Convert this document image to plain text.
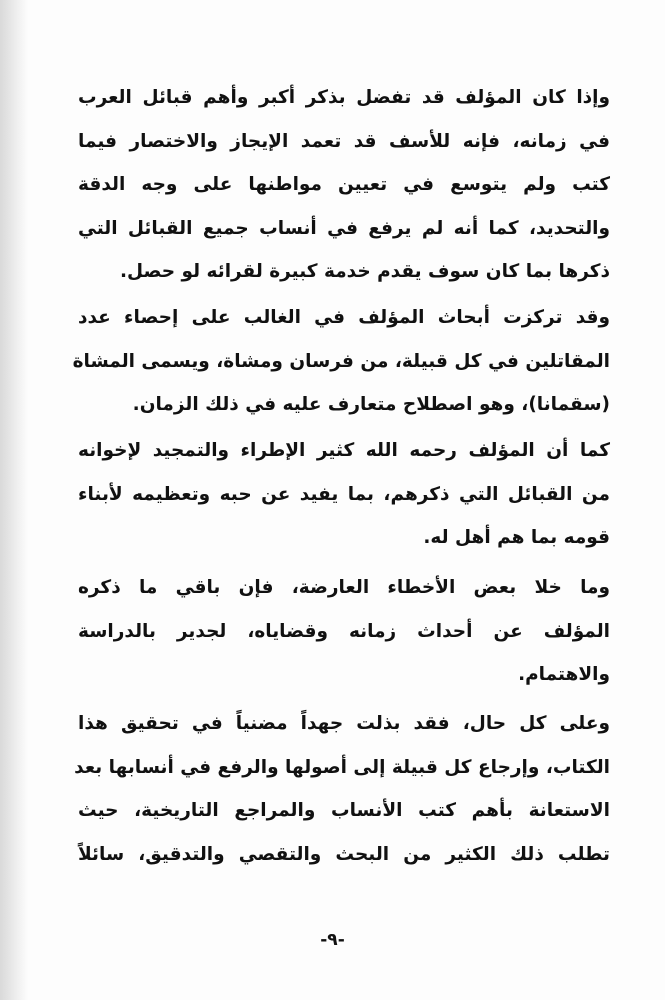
وإذا كان المؤلف قد تفضل بذكر أكبر وأهم قبائل العرب
في زمانه، فإنه للأسف قد تعمد الإيجاز والاختصار فيما
كتب ولم يتوسع في تعيين مواطنها على وجه الدقة
والتحديد، كما أنه لم يرفع في أنساب جميع القبائل التي
ذكرها بما كان سوف يقدم خدمة كبيرة لقرائه لو حصل.
وقد تركزت أبحاث المؤلف في الغالب على إحصاء عدد
المقاتلين في كل قبيلة، من فرسان ومشاة، ويسمى المشاة
(سقمانا)، وهو اصطلاح متعارف عليه في ذلك الزمان.
كما أن المؤلف رحمه الله كثير الإطراء والتمجيد لإخوانه
من القبائل التي ذكرهم، بما يفيد عن حبه وتعظيمه لأبناء
قومه بما هم أهل له.
وما خلا بعض الأخطاء العارضة، فإن باقي ما ذكره
المؤلف عن أحداث زمانه وقضاياه، لجدير بالدراسة
والاهتمام.
وعلى كل حال، فقد بذلت جهداً مضنياً في تحقيق هذا
الكتاب، وإرجاع كل قبيلة إلى أصولها والرفع في أنسابها بعد
الاستعانة بأهم كتب الأنساب والمراجع التاريخية، حيث
تطلب ذلك الكثير من البحث والتقصي والتدقيق، سائلاً
-٩-
